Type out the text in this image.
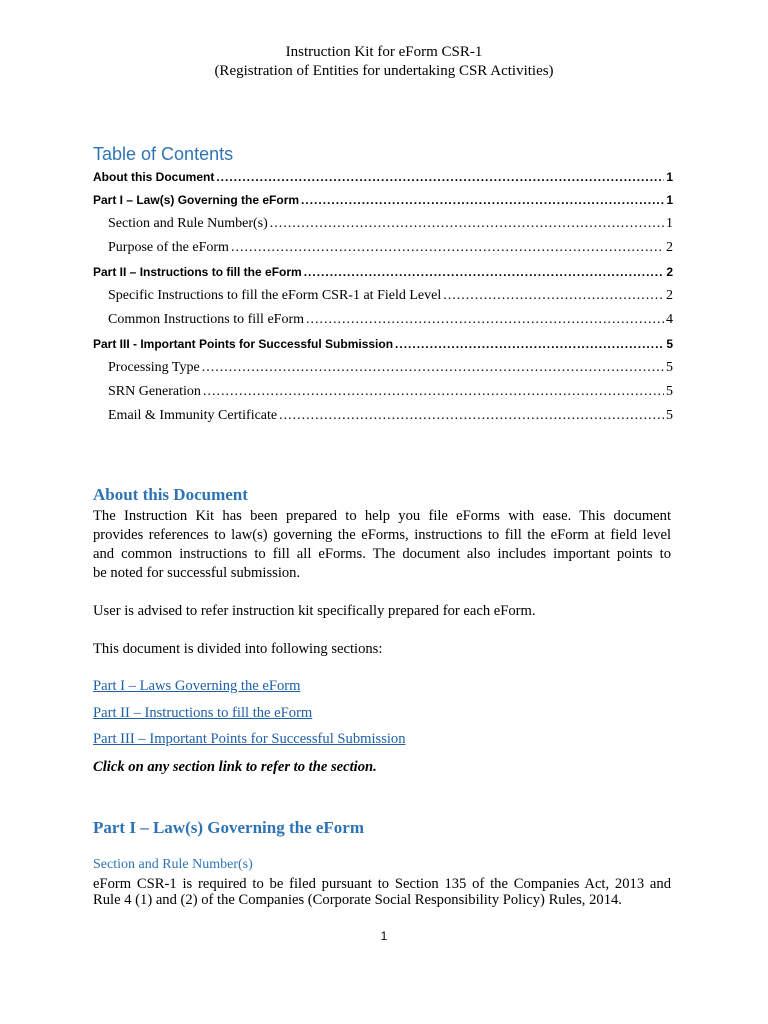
Instruction Kit for eForm CSR-1
(Registration of Entities for undertaking CSR Activities)
Table of Contents
About this Document .....	1
Part I – Law(s) Governing the eForm .....	1
Section and Rule Number(s) .....	1
Purpose of the eForm .....	2
Part II – Instructions to fill the eForm .....	2
Specific Instructions to fill the eForm CSR-1 at Field Level .....	2
Common Instructions to fill eForm .....	4
Part III - Important Points for Successful Submission .....	5
Processing Type .....	5
SRN Generation .....	5
Email & Immunity Certificate .....	5
About this Document
The Instruction Kit has been prepared to help you file eForms with ease. This document
provides references to law(s) governing the eForms, instructions to fill the eForm at field level
and common instructions to fill all eForms. The document also includes important points to
be noted for successful submission.
User is advised to refer instruction kit specifically prepared for each eForm.
This document is divided into following sections:
Part I – Laws Governing the eForm
Part II – Instructions to fill the eForm
Part III – Important Points for Successful Submission
Click on any section link to refer to the section.
Part I – Law(s) Governing the eForm
Section and Rule Number(s)
eForm CSR-1 is required to be filed pursuant to Section 135 of the Companies Act, 2013 and
Rule 4 (1) and (2) of the Companies (Corporate Social Responsibility Policy) Rules, 2014.
1
